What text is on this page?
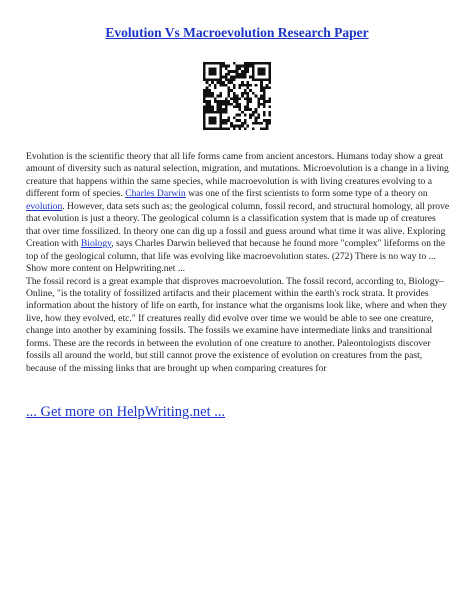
Evolution Vs Macroevolution Research Paper

Evolution is the scientific theory that all life forms came from ancient ancestors. Humans today show a great amount of diversity such as natural selection, migration, and mutations. Microevolution is a change in a living creature that happens within the same species, while macroevolution is with living creatures evolving to a different form of species. Charles Darwin was one of the first scientists to form some type of a theory on evolution. However, data sets such as; the geological column, fossil record, and structural homology, all prove that evolution is just a theory. The geological column is a classification system that is made up of creatures that over time fossilized. In theory one can dig up a fossil and guess around what time it was alive. Exploring Creation with Biology, says Charles Darwin believed that because he found more "complex" lifeforms on the top of the geological column, that life was evolving like macroevolution states. (272) There is no way to ... Show more content on Helpwriting.net ...

The fossil record is a great example that disproves macroevolution. The fossil record, according to, Biology–Online, "is the totality of fossilized artifacts and their placement within the earth's rock strata. It provides information about the history of life on earth, for instance what the organisms look like, where and when they live, how they evolved, etc." If creatures really did evolve over time we would be able to see one creature, change into another by examining fossils. The fossils we examine have intermediate links and transitional forms. These are the records in between the evolution of one creature to another. Paleontologists discover fossils all around the world, but still cannot prove the existence of evolution on creatures from the past, because of the missing links that are brought up when comparing creatures for

... Get more on HelpWriting.net ...
